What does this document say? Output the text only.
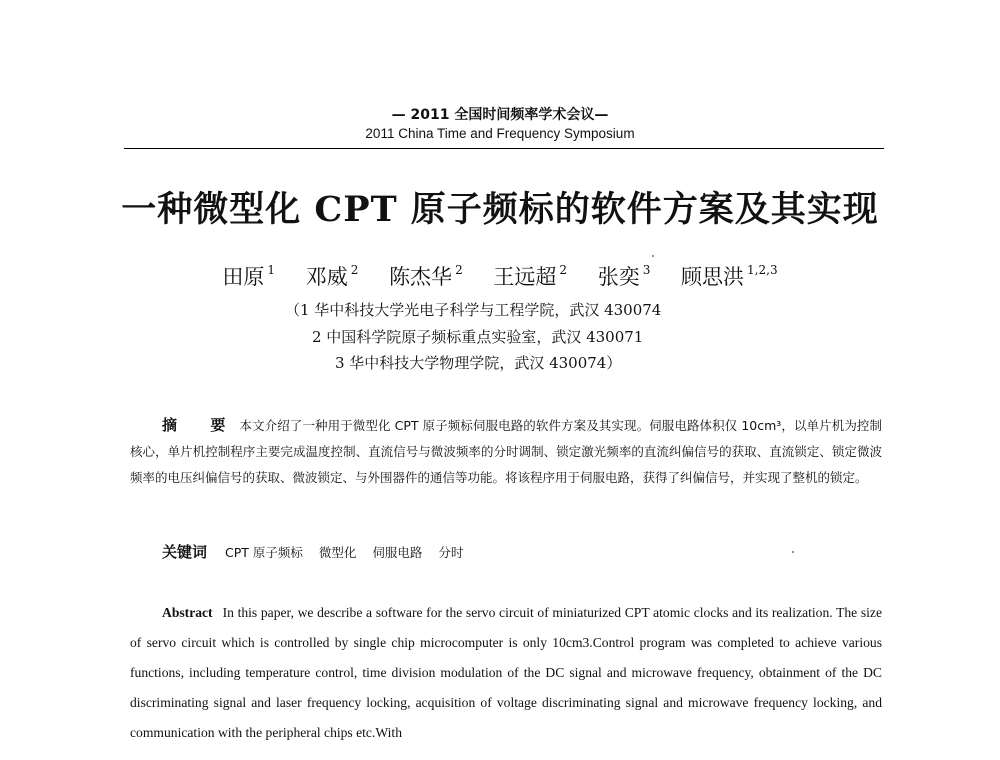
— 2011 全国时间频率学术会议—
2011 China Time and Frequency Symposium
一种微型化 CPT 原子频标的软件方案及其实现
田原 $^1$ 邓威 $^2$ 陈杰华 $^2$ 王远超 $^2$ 张奕 $^3$ 顾思洪 $^{1,2,3}$
（1 华中科技大学光电子科学与工程学院，武汉 430074
2 中国科学院原子频标重点实验室，武汉 430071
3 华中科技大学物理学院，武汉 430074）
摘 要本文介绍了一种用于微型化 CPT 原子频标伺服电路的软件方案及其实现。伺服电路体积仅 10cm³，以单片机为控制核心，单片机控制程序主要完成温度控制、直流信号与微波频率的分时调制、锁定激光频率的直流纠偏信号的获取、直流锁定、锁定微波频率的电压纠偏信号的获取、微波锁定、与外围器件的通信等功能。将该程序用于伺服电路，获得了纠偏信号，并实现了整机的锁定。
关键词 CPT 原子频标 微型化 伺服电路 分时
Abstract In this paper, we describe a software for the servo circuit of miniaturized CPT atomic clocks and its realization. The size of servo circuit which is controlled by single chip microcomputer is only 10cm3.Control program was completed to achieve various functions, including temperature control, time division modulation of the DC signal and microwave frequency, obtainment of the DC discriminating signal and laser frequency locking, acquisition of voltage discriminating signal and microwave frequency locking, and communication with the peripheral chips etc.With
